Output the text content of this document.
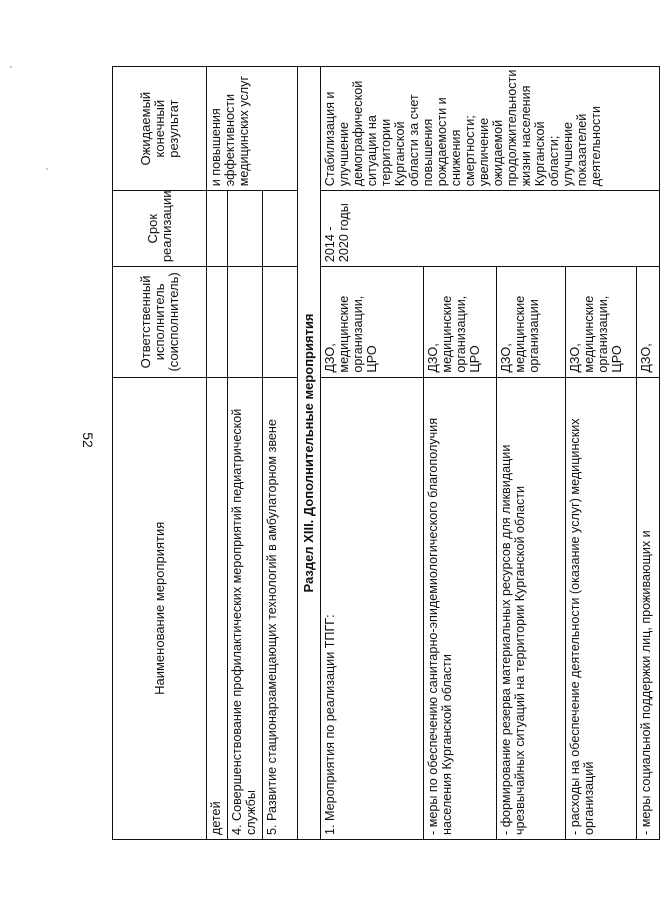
52
Наименование мероприятия	Ответственный исполнитель (соисполнитель)	Срок реализации	Ожидаемый конечный результат
детей			и повышения эффективности медицинских услуг
4. Совершенствование профилактических мероприятий педиатрической службы			
5. Развитие стационарзамещающих технологий в амбулаторном звене			
Раздел XIII. Дополнительные мероприятия			
1. Мероприятия по реализации ТПГГ:	ДЗО, медицинские организации, ЦРО	2014 - 2020 годы	Стабилизация и улучшение демографической ситуации на территории Курганской области за счет повышения рождаемости и снижения смертности; увеличение ожидаемой продолжительности жизни населения Курганской области; улучшение показателей деятельности
- меры по обеспечению санитарно-эпидемиологического благополучия населения Курганской области	ДЗО, медицинские организации, ЦРО		
- формирование резерва материальных ресурсов для ликвидации чрезвычайных ситуаций на территории Курганской области	ДЗО, медицинские организации		
- расходы на обеспечение деятельности (оказание услуг) медицинских организаций	ДЗО, медицинские организации, ЦРО		
- меры социальной поддержки лиц, проживающих и	ДЗО,		
